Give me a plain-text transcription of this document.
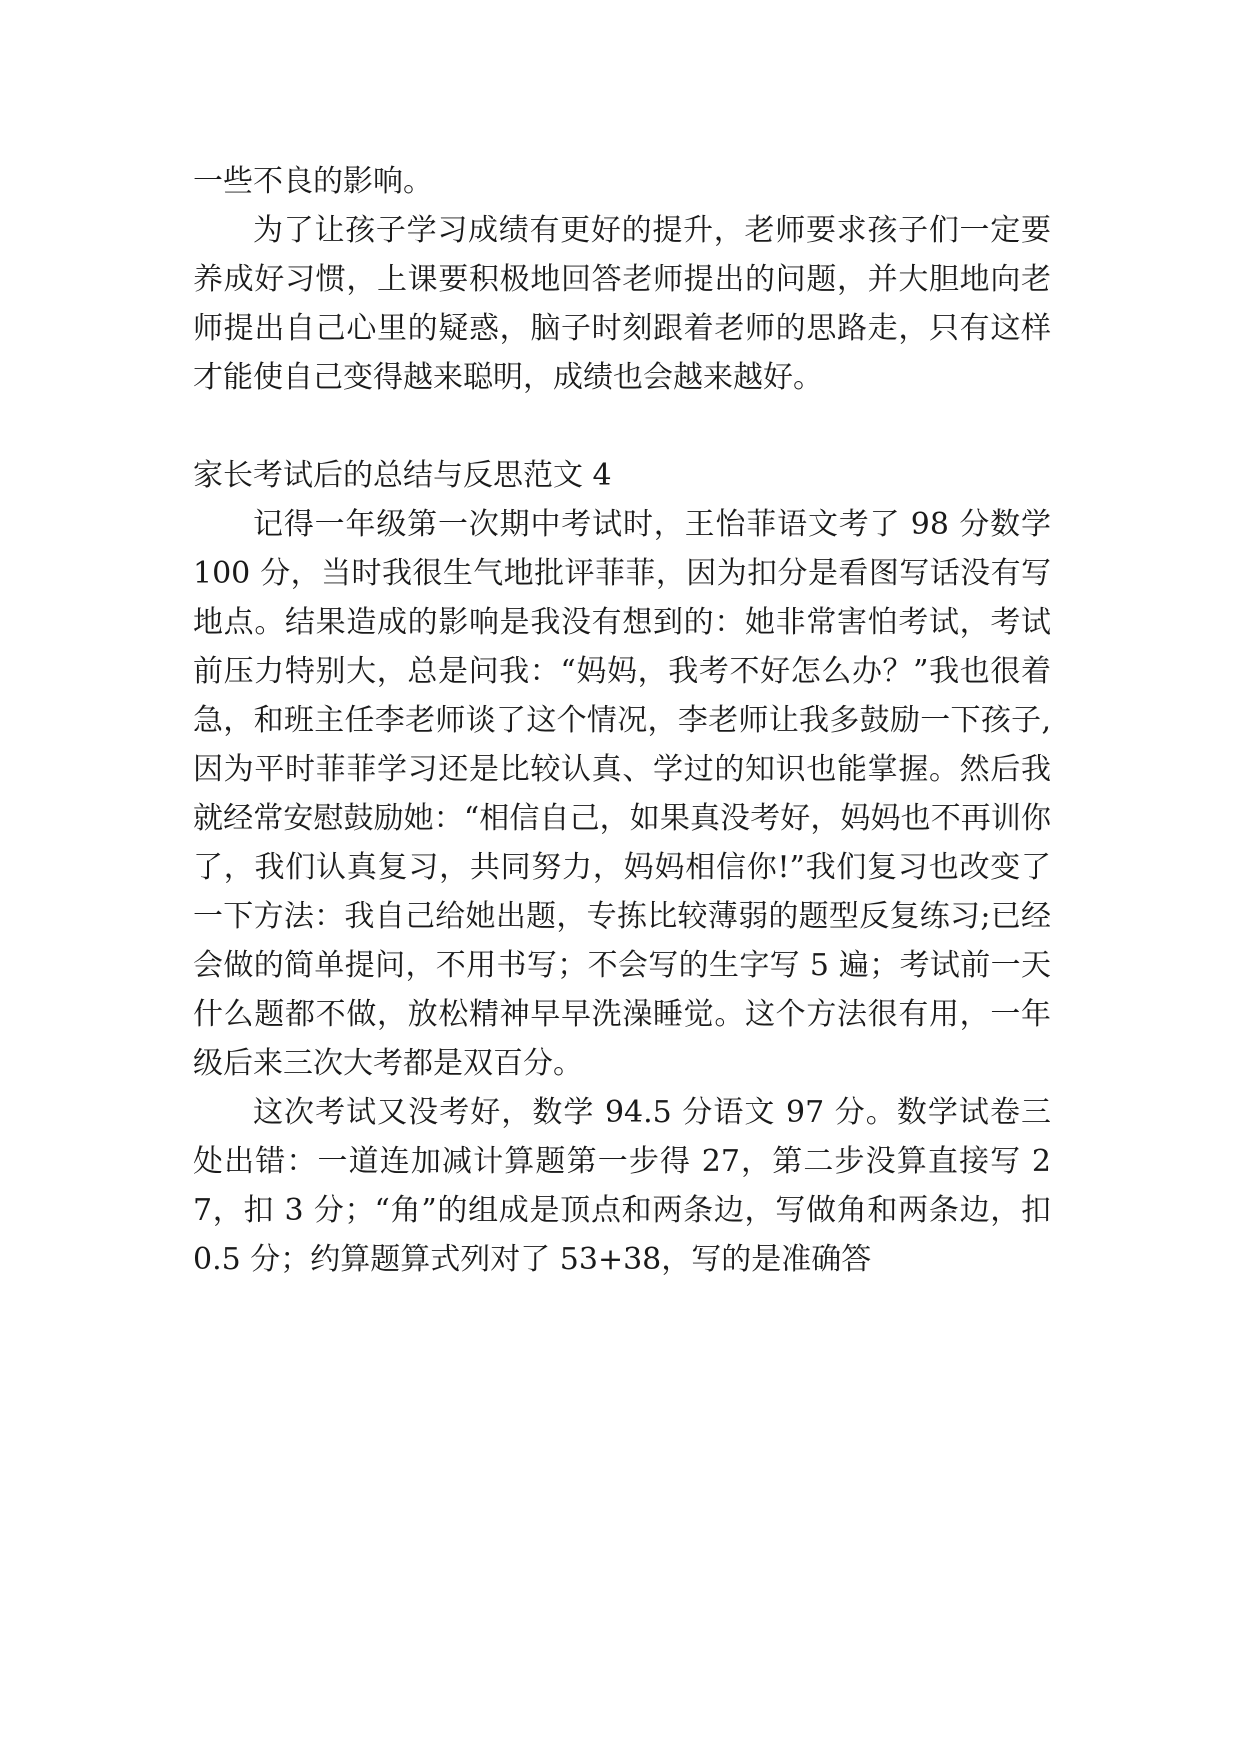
一些不良的影响。

为了让孩子学习成绩有更好的提升，老师要求孩子们一定要养成好习惯，上课要积极地回答老师提出的问题，并大胆地向老师提出自己心里的疑惑，脑子时刻跟着老师的思路走，只有这样才能使自己变得越来聪明，成绩也会越来越好。

家长考试后的总结与反思范文 4

记得一年级第一次期中考试时，王怡菲语文考了 98 分数学 100 分，当时我很生气地批评菲菲，因为扣分是看图写话没有写地点。结果造成的影响是我没有想到的：她非常害怕考试，考试前压力特别大，总是问我：“妈妈，我考不好怎么办？”我也很着急，和班主任李老师谈了这个情况，李老师让我多鼓励一下孩子,因为平时菲菲学习还是比较认真、学过的知识也能掌握。然后我就经常安慰鼓励她：“相信自己，如果真没考好，妈妈也不再训你了，我们认真复习，共同努力，妈妈相信你!”我们复习也改变了一下方法：我自己给她出题，专拣比较薄弱的题型反复练习;已经会做的简单提问，不用书写；不会写的生字写 5 遍；考试前一天什么题都不做，放松精神早早洗澡睡觉。这个方法很有用，一年级后来三次大考都是双百分。

这次考试又没考好，数学 94.5 分语文 97 分。数学试卷三处出错：一道连加减计算题第一步得 27，第二步没算直接写 27，扣 3 分；“角”的组成是顶点和两条边，写做角和两条边，扣 0.5 分；约算题算式列对了 53+38，写的是准确答
